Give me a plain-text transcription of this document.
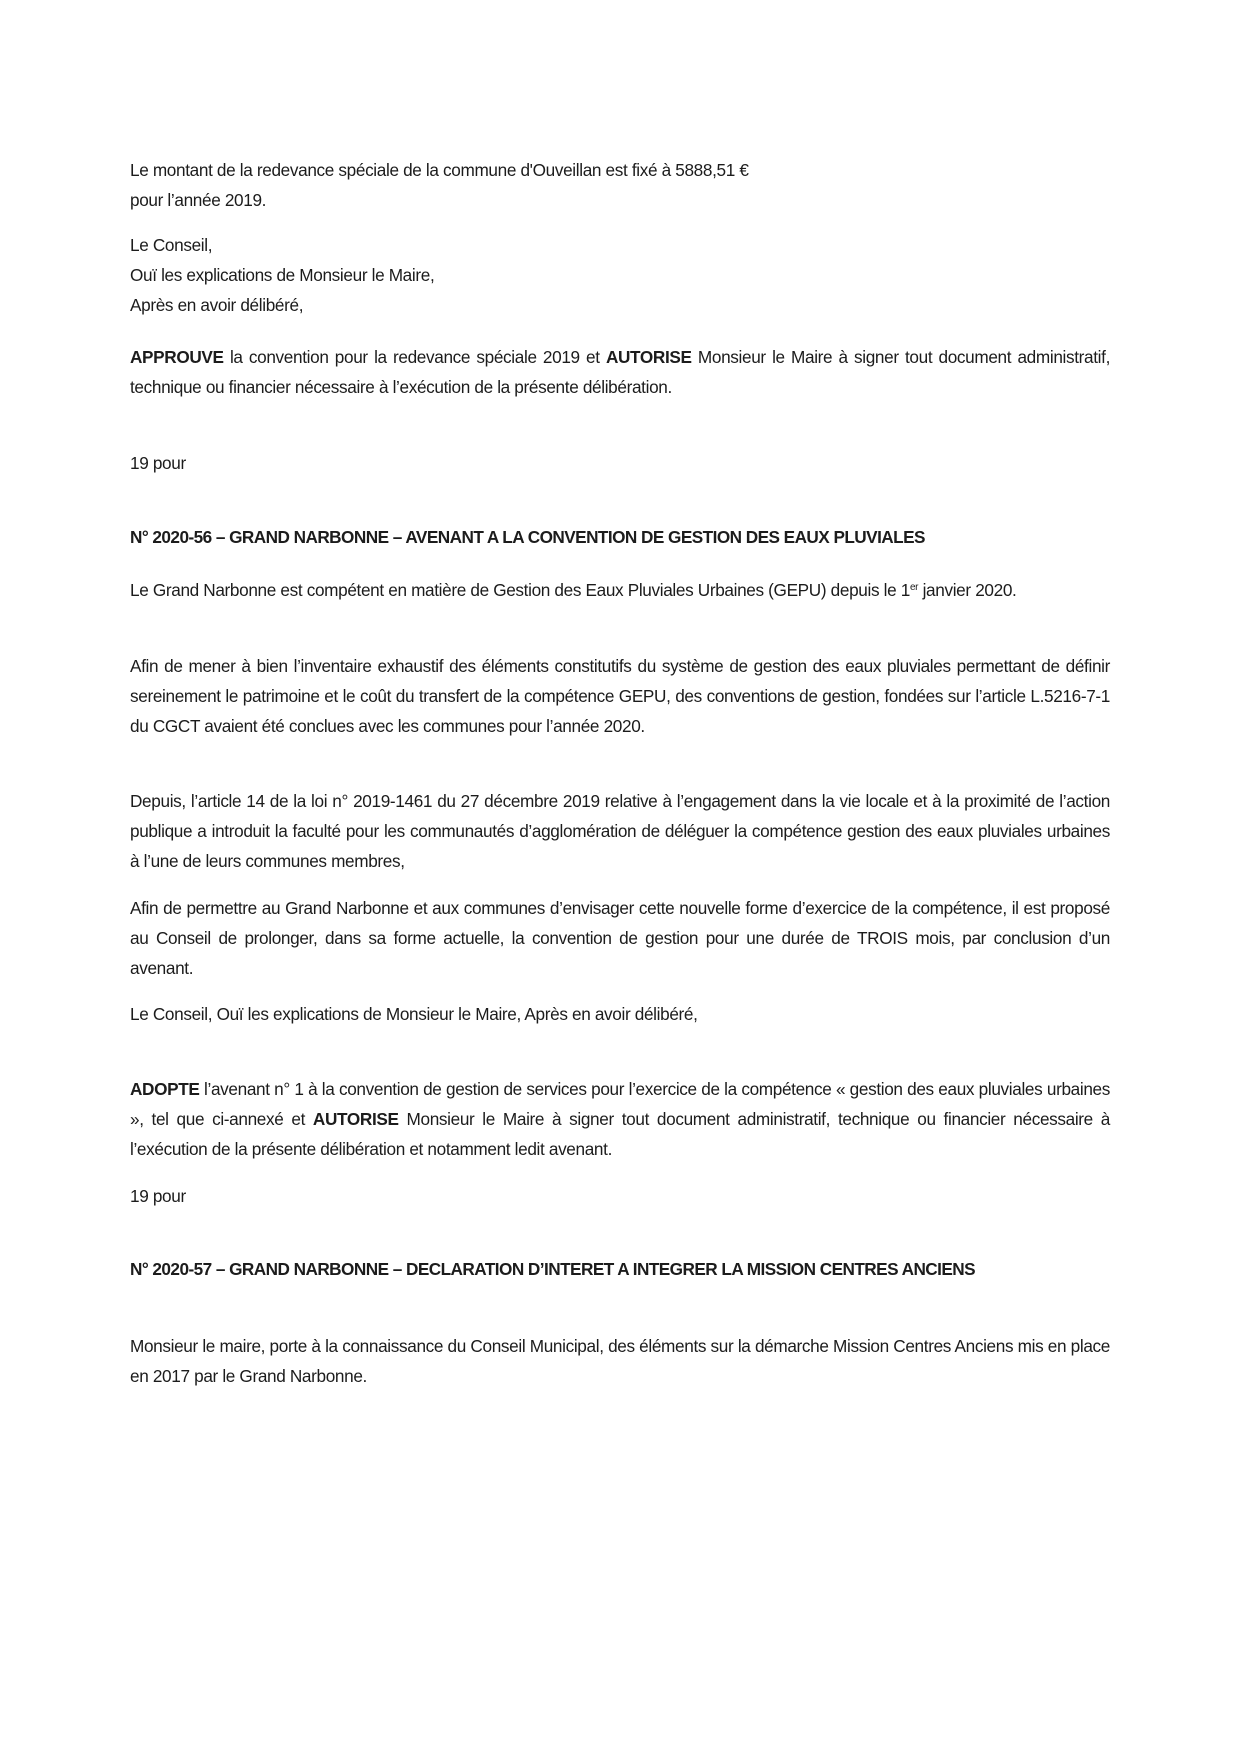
Le montant de la redevance spéciale de la commune d'Ouveillan est fixé à 5888,51 €
pour l’année 2019.
Le Conseil,
Ouï les explications de Monsieur le Maire,
Après en avoir délibéré,

APPROUVE la convention pour la redevance spéciale 2019 et AUTORISE Monsieur le Maire à signer tout document administratif, technique ou financier nécessaire à l’exécution de la présente délibération.

19 pour
N° 2020-56 – GRAND NARBONNE – AVENANT A LA CONVENTION DE GESTION DES EAUX PLUVIALES

Le Grand Narbonne est compétent en matière de Gestion des Eaux Pluviales Urbaines (GEPU) depuis le 1er janvier 2020.

Afin de mener à bien l’inventaire exhaustif des éléments constitutifs du système de gestion des eaux pluviales permettant de définir sereinement le patrimoine et le coût du transfert de la compétence GEPU, des conventions de gestion, fondées sur l’article L.5216-7-1 du CGCT avaient été conclues avec les communes pour l’année 2020.

Depuis, l’article 14 de la loi n° 2019-1461 du 27 décembre 2019 relative à l’engagement dans la vie locale et à la proximité de l’action publique a introduit la faculté pour les communautés d’agglomération de déléguer la compétence gestion des eaux pluviales urbaines à l’une de leurs communes membres,

Afin de permettre au Grand Narbonne et aux communes d’envisager cette nouvelle forme d’exercice de la compétence, il est proposé au Conseil de prolonger, dans sa forme actuelle, la convention de gestion pour une durée de TROIS mois, par conclusion d’un avenant.

Le Conseil, Ouï les explications de Monsieur le Maire, Après en avoir délibéré,

ADOPTE l’avenant n° 1 à la convention de gestion de services pour l’exercice de la compétence « gestion des eaux pluviales urbaines », tel que ci-annexé et AUTORISE Monsieur le Maire à signer tout document administratif, technique ou financier nécessaire à l’exécution de la présente délibération et notamment ledit avenant.

19 pour

N° 2020-57 – GRAND NARBONNE – DECLARATION D’INTERET A INTEGRER LA MISSION CENTRES ANCIENS

Monsieur le maire, porte à la connaissance du Conseil Municipal, des éléments sur la démarche Mission Centres Anciens mis en place en 2017 par le Grand Narbonne.
